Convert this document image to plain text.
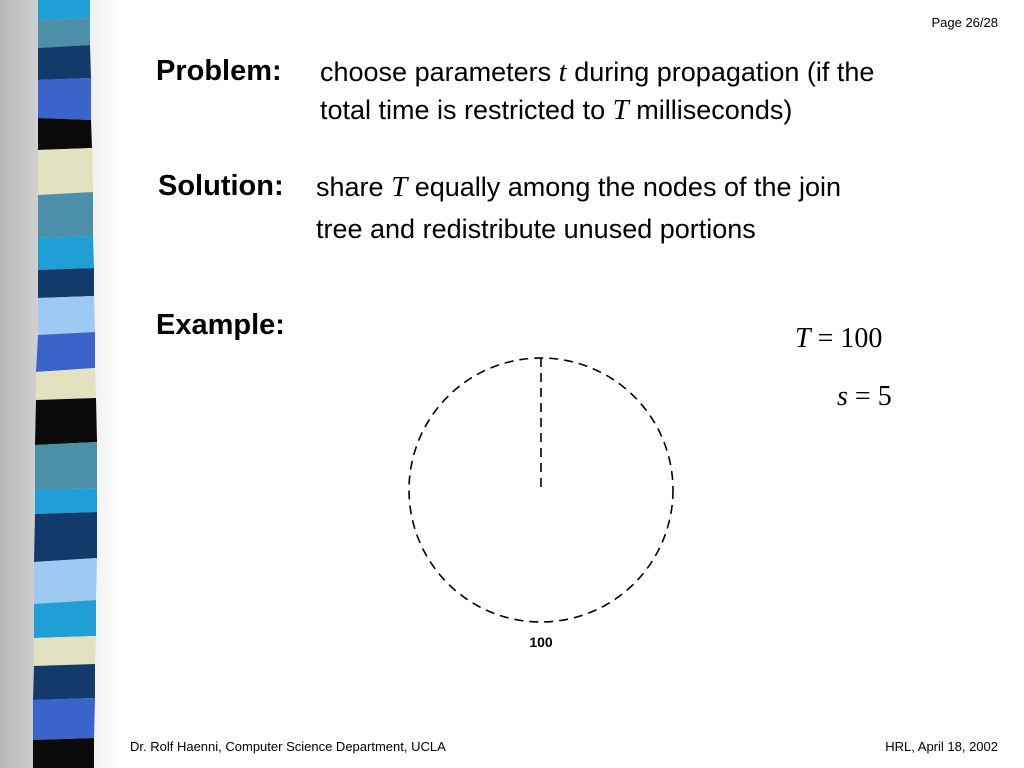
Page 26/28
Problem: choose parameters t during propagation (if the
total time is restricted to T milliseconds)
Solution: share T equally among the nodes of the join
tree and redistribute unused portions
Example:	T = 100
s = 5
100
Dr. Rolf Haenni, Computer Science Department, UCLA	HRL, April 18, 2002
